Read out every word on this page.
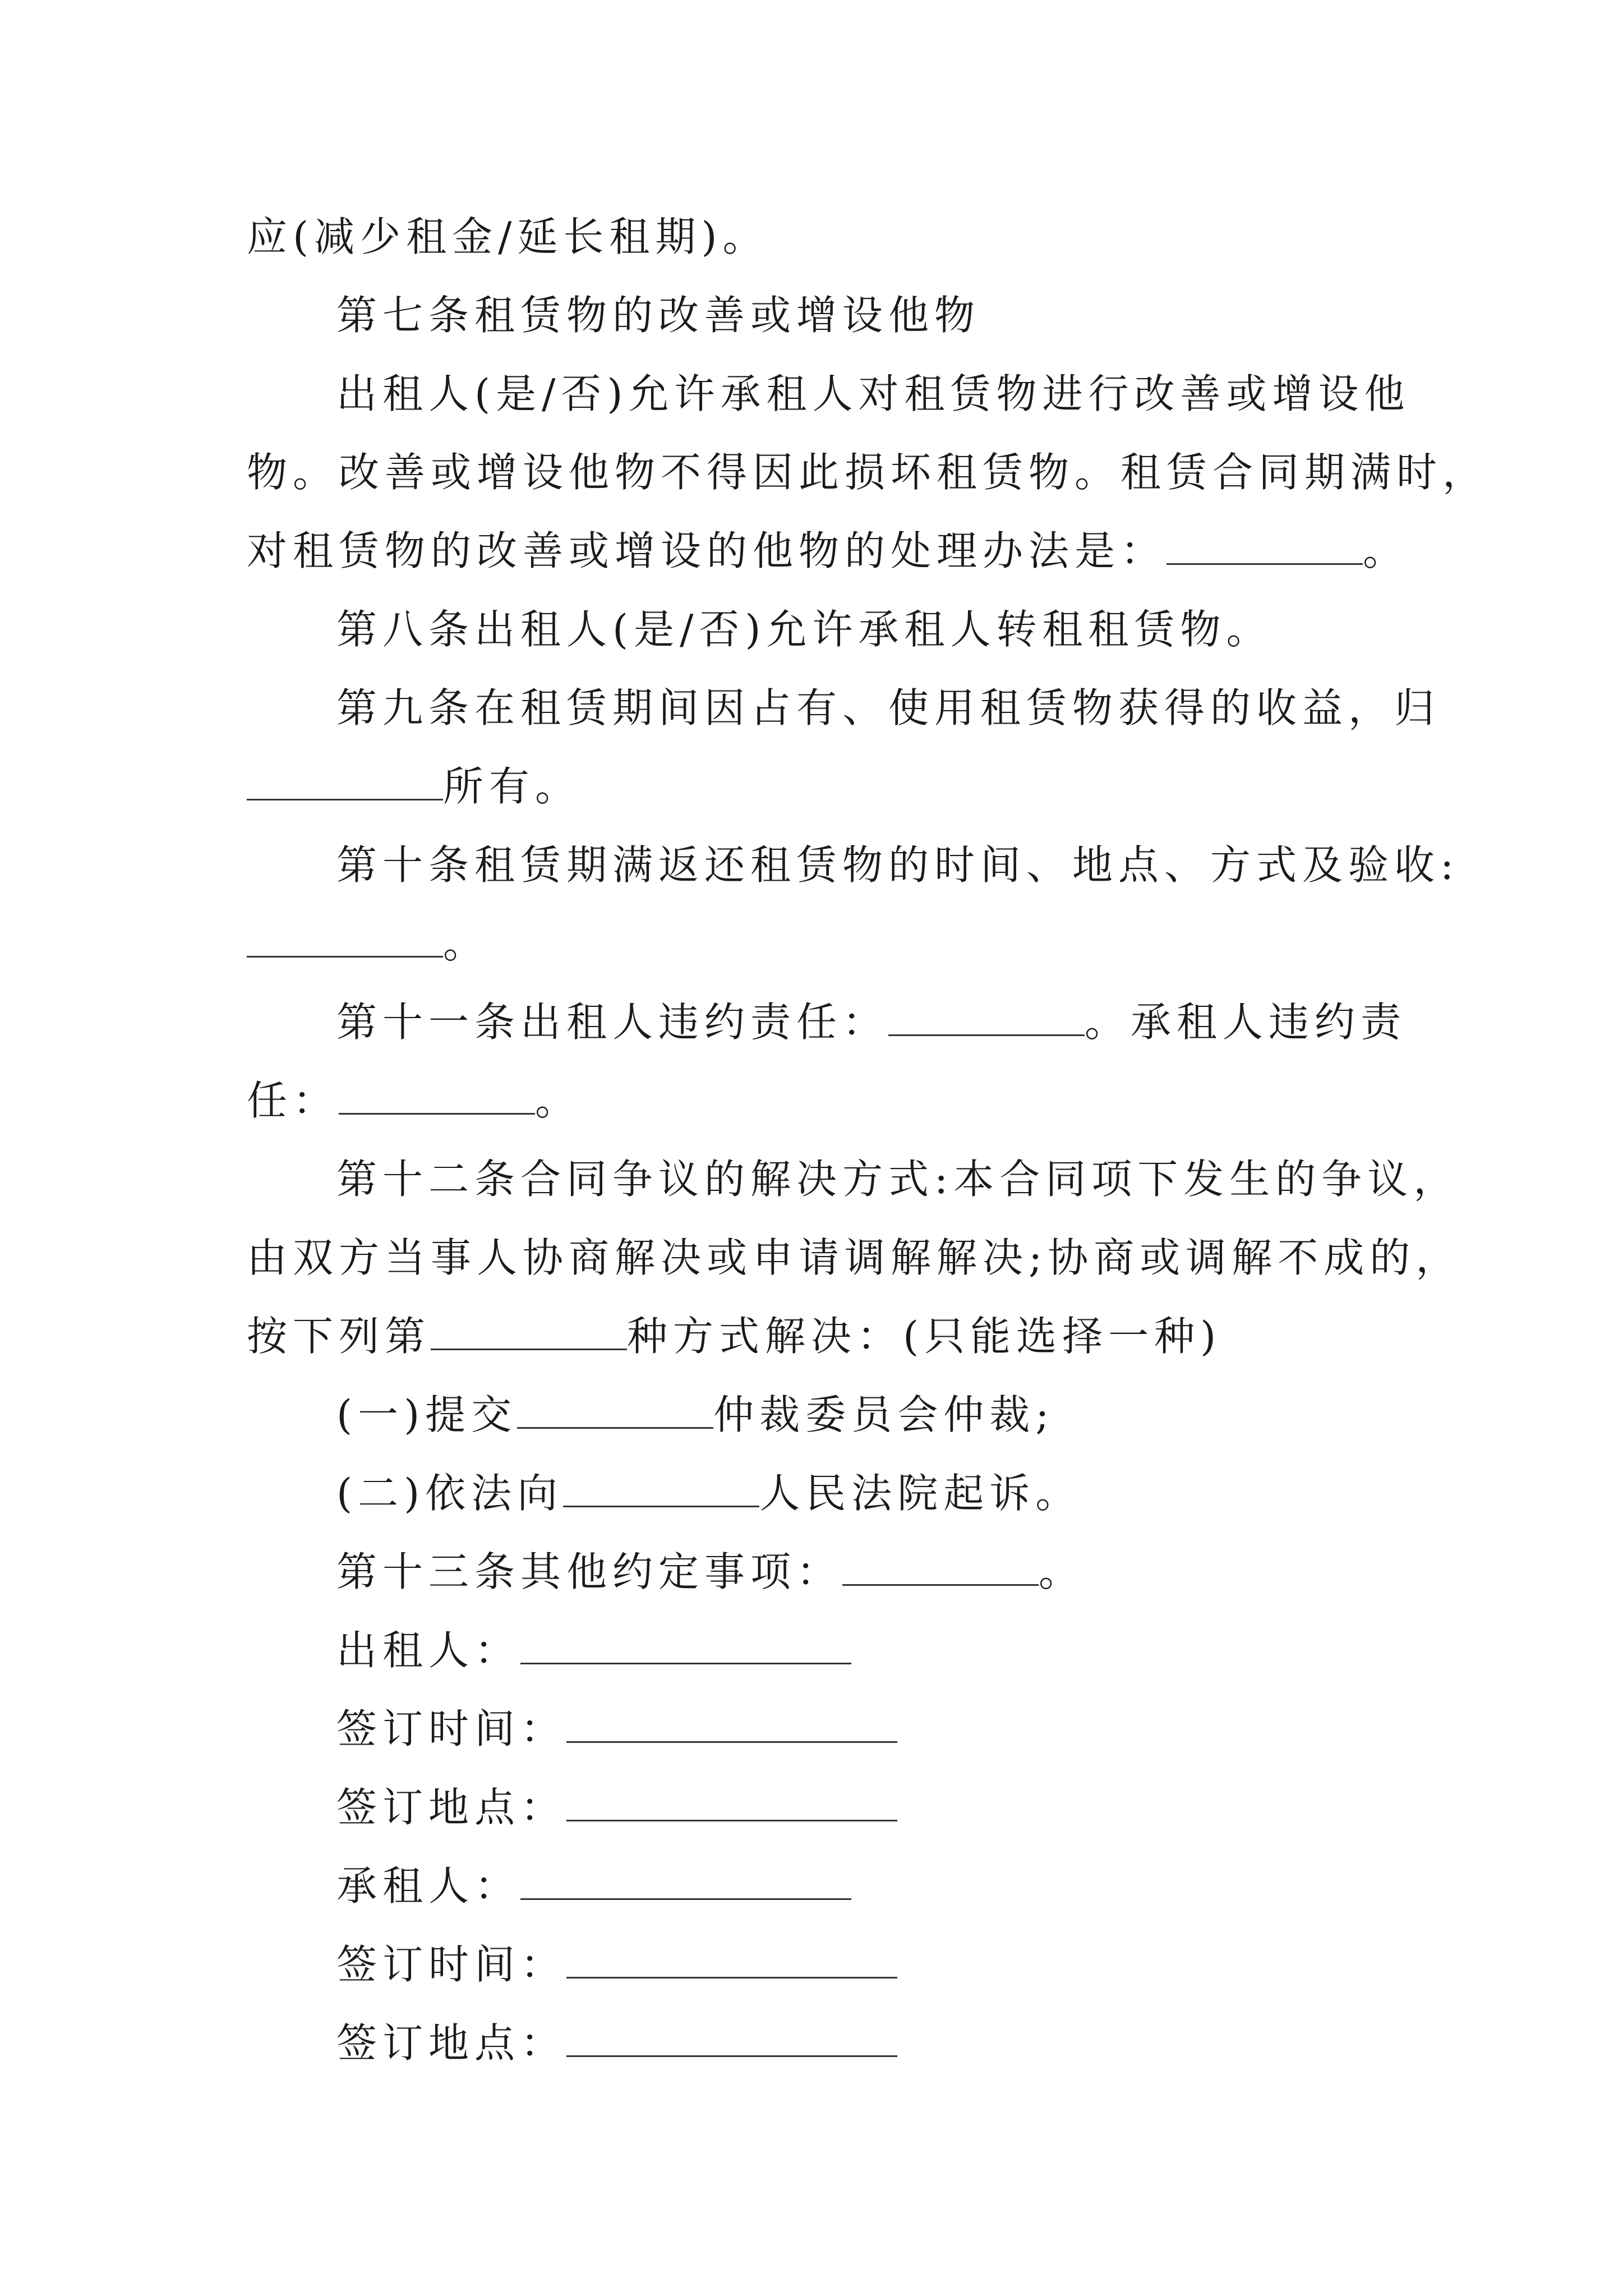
应(减少租金/延长租期)。
第七条租赁物的改善或增设他物
出租人(是/否)允许承租人对租赁物进行改善或增设他
物。改善或增设他物不得因此损坏租赁物。租赁合同期满时，
对租赁物的改善或增设的他物的处理办法是：	。
第八条出租人(是/否)允许承租人转租租赁物。
第九条在租赁期间因占有、使用租赁物获得的收益，归
所有。
第十条租赁期满返还租赁物的时间、地点、方式及验收:
。
第十一条出租人违约责任：	。承租人违约责
任：	。
第十二条合同争议的解决方式:本合同项下发生的争议，
由双方当事人协商解决或申请调解解决;协商或调解不成的，
按下列第	种方式解决：(只能选择一种)
(一)提交	仲裁委员会仲裁;
(二)依法向	人民法院起诉。
第十三条其他约定事项：	。
出租人：
签订时间：
签订地点：
承租人：
签订时间：
签订地点：
